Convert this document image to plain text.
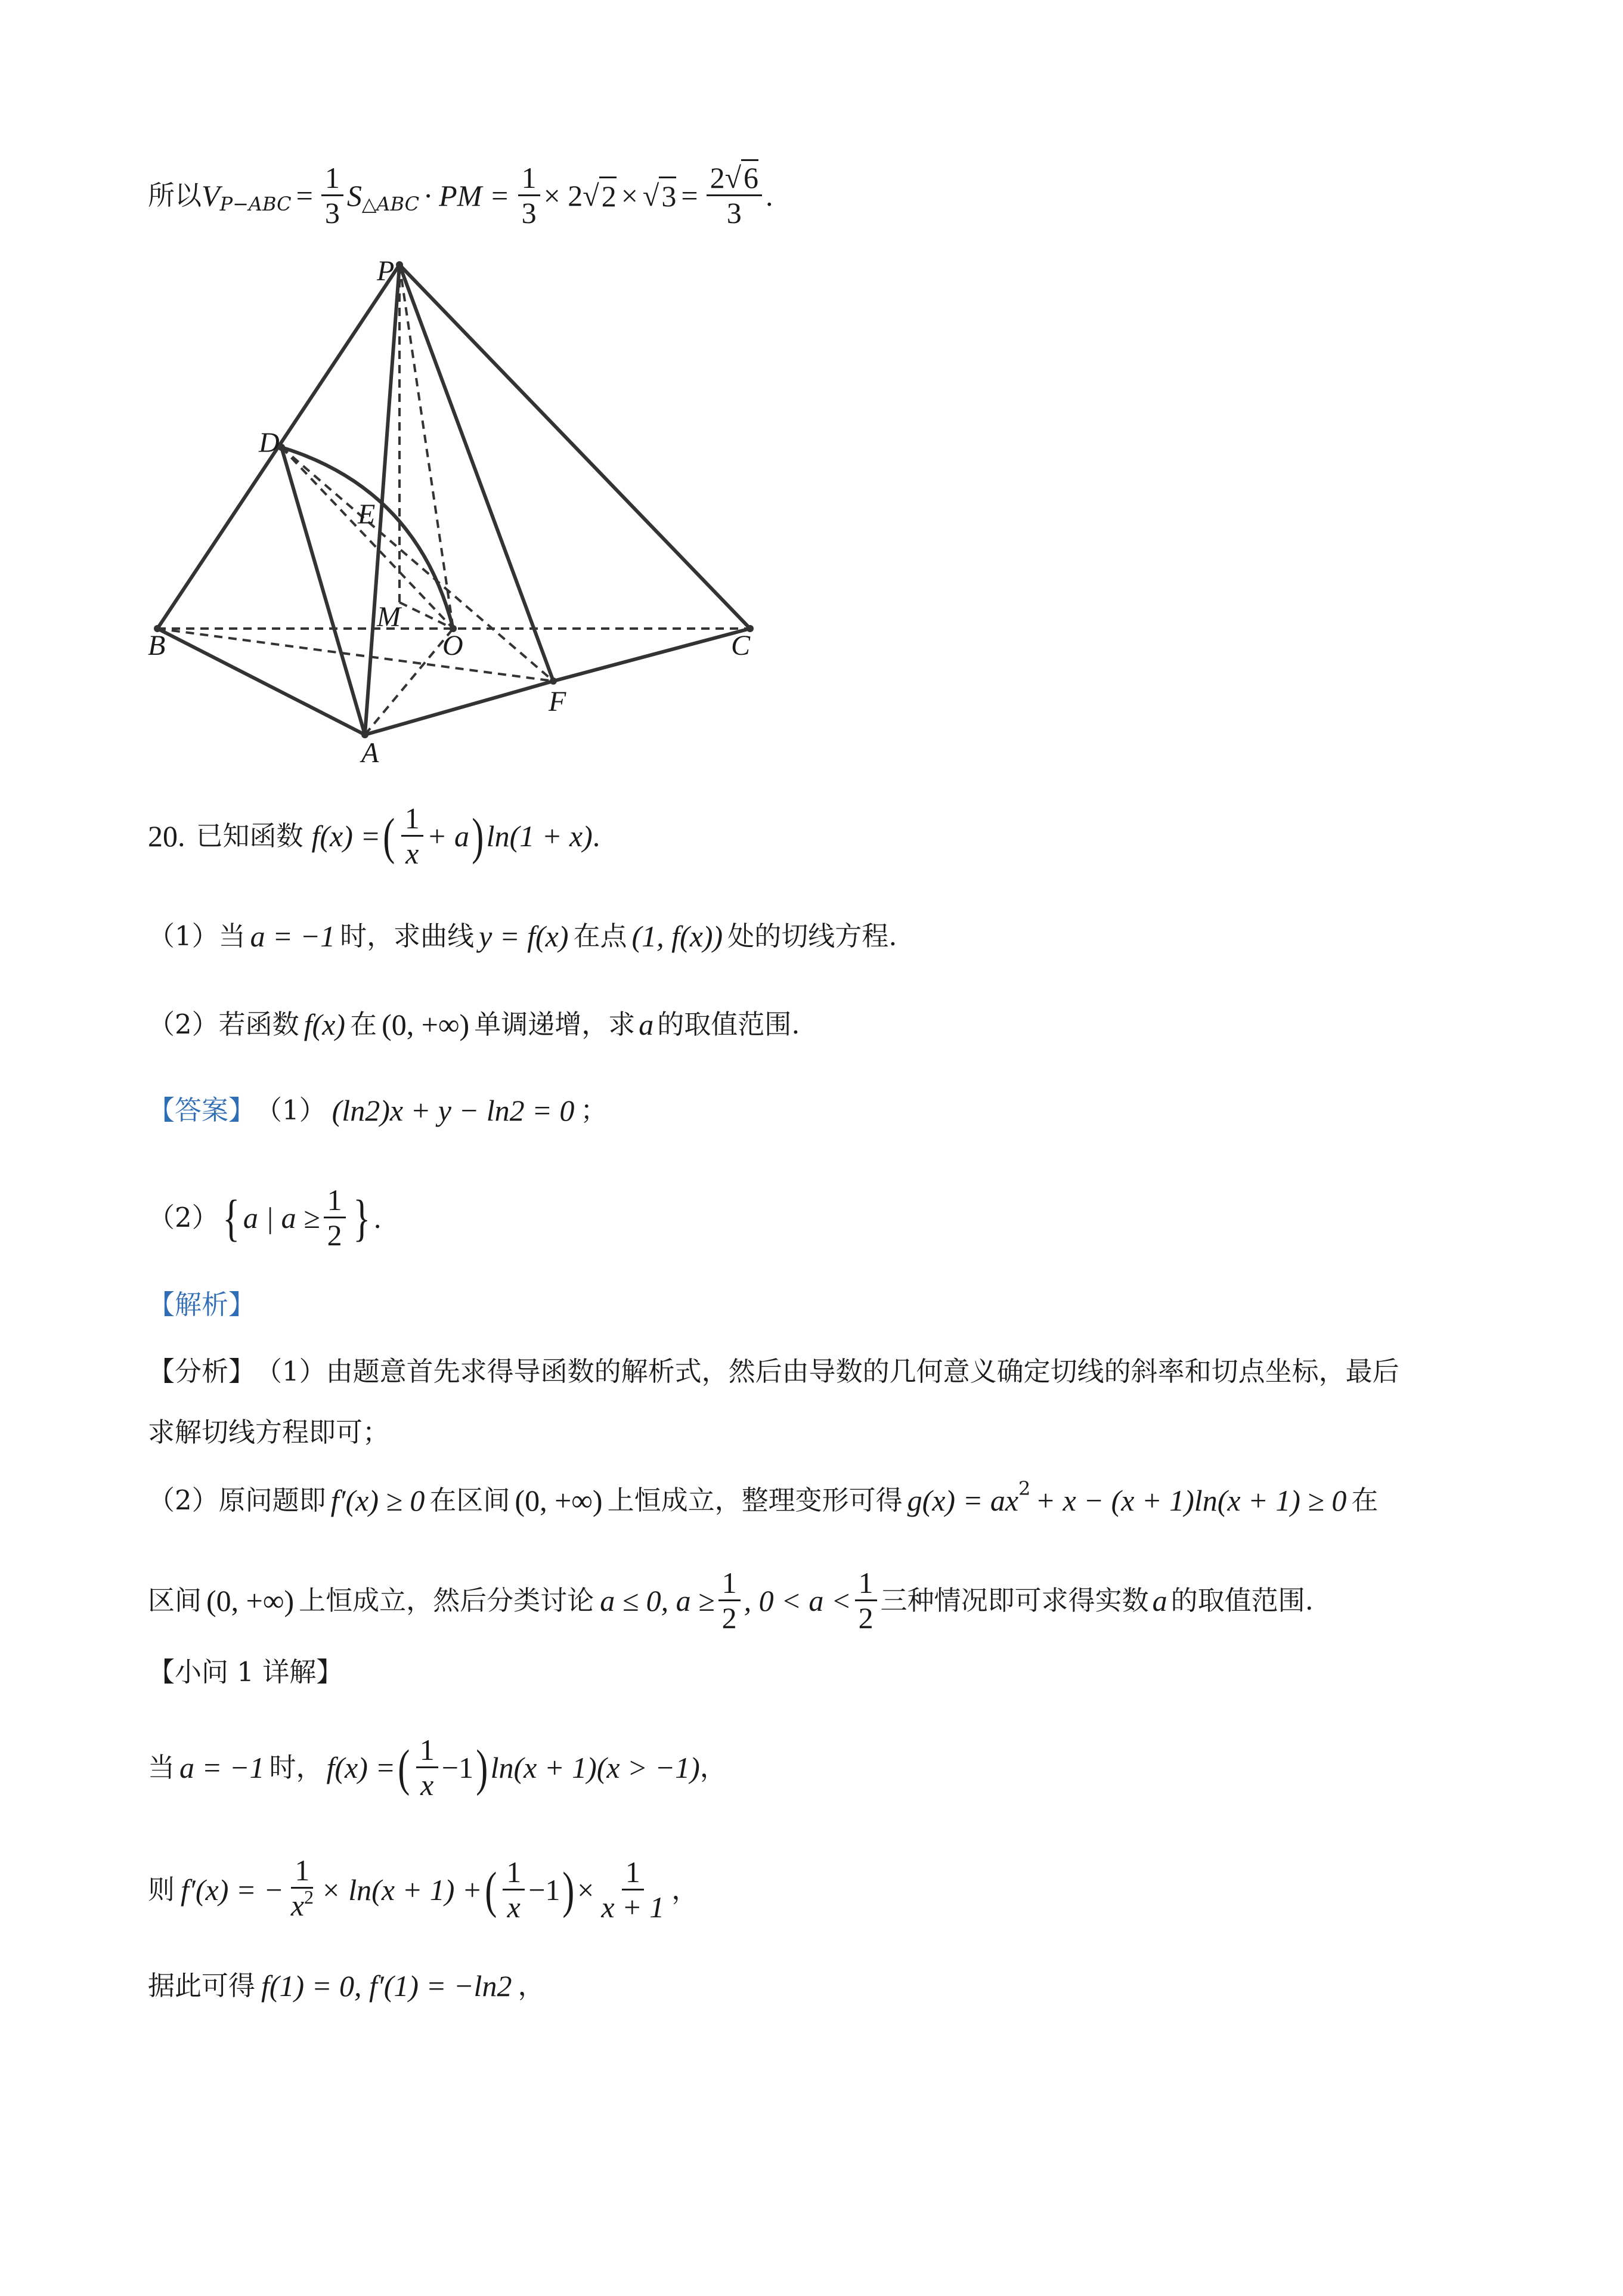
所以 V $P-ABC = \frac{1}{3}$ S △ABC · PM = $\frac{1}{3} \times 2$ √ 2 × √ $3 = \frac{2√6}{3}$ .
P
D
E
M
O
B	C
F
A
20. 已知函数 f(x) = ( $\frac{1}{x} + a$ ) ln(1 + x) .
（1） 当 a = −1 时，求曲线 y = f(x) 在点 (1, f(x)) 处的切线方程.
（2） 若函数 f(x) 在 (0, +∞) 单调递增，求 a 的取值范围.
【答案】 （1） (ln2)x + y − ln2 = 0 ；
（2） { a | $a \ge \frac{1}{2}$ } .
【解析】
【分析】 （1）由题意首先求得导函数的解析式，然后由导数的几何意义确定切线的斜率和切点坐标，最后
求解切线方程即可；
（2）原问题即 f′(x) ≥ 0 在区间 (0, +∞) 上恒成立，整理变形可得 g(x) = ax 2 + x − (x + 1)ln(x + 1) ≥ 0 在
区间 (0, +∞) 上恒成立，然后分类讨论 a ≤ 0, $a \ge \frac{1}{2}$ , $0 < a < \frac{1}{2}$ 三种情况即可求得实数 a 的取值范围.
【小问 1 详解】
当 a = −1 时， f(x) = ( $\frac{1}{x} -1$ ) ln(x + 1)(x > −1) ，
则 f′(x) = − $\frac{1}{x^2} \times \ln(x + 1)$ + ( $\frac{1}{x} -1$ ) × $\frac{1}{x + 1}$ ，
据此可得 f(1) = 0, f′(1) = −ln2 ，
